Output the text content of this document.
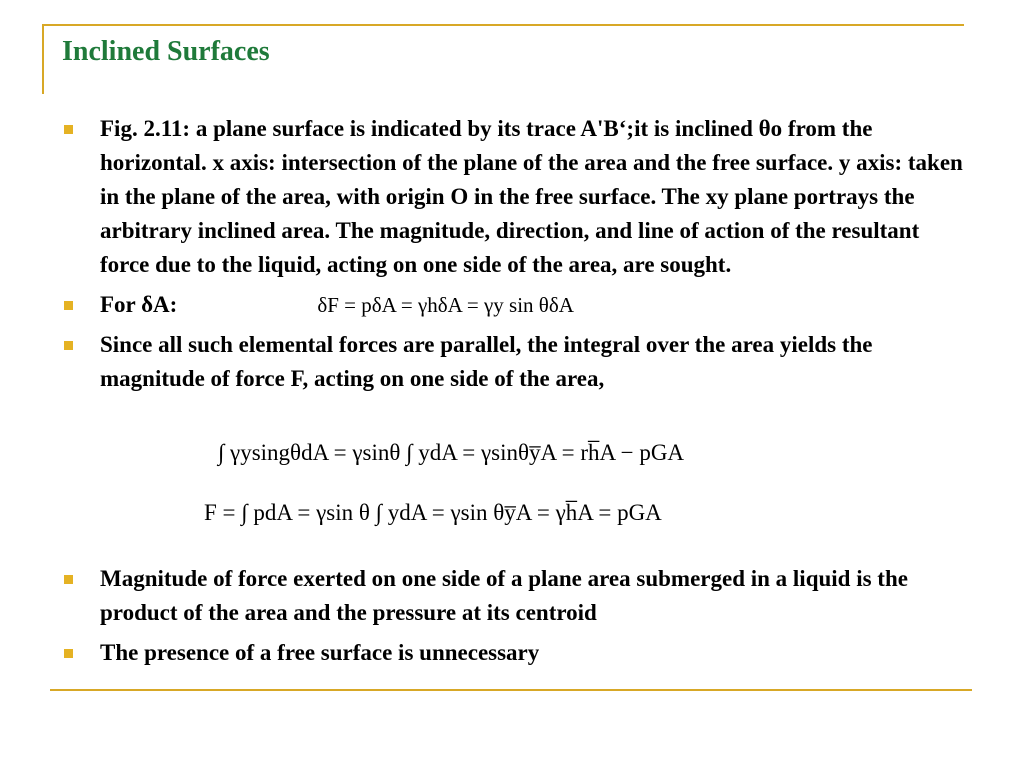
Inclined Surfaces
Fig. 2.11: a plane surface is indicated by its trace A'B‘;it is inclined θo from the horizontal. x axis: intersection of the plane of the area and the free surface. y axis: taken in the plane of the area, with origin O in the free surface. The xy plane portrays the arbitrary inclined area. The magnitude, direction, and line of action of the resultant force due to the liquid, acting on one side of the area, are sought.
For δA:	δF = pδA = γhδA = γy sin θδA
Since all such elemental forces are parallel, the integral over the area yields the magnitude of force F, acting on one side of the area,
∫ γysingθdA = γsinθ ∫ ydA = γsinθy̅A = rh̅A − pGA
F = ∫ pdA = γsin θ ∫ ydA = γsin θy̅A = γh̅A = pGA
Magnitude of force exerted on one side of a plane area submerged in a liquid is the product of the area and the pressure at its centroid
The presence of a free surface is unnecessary
